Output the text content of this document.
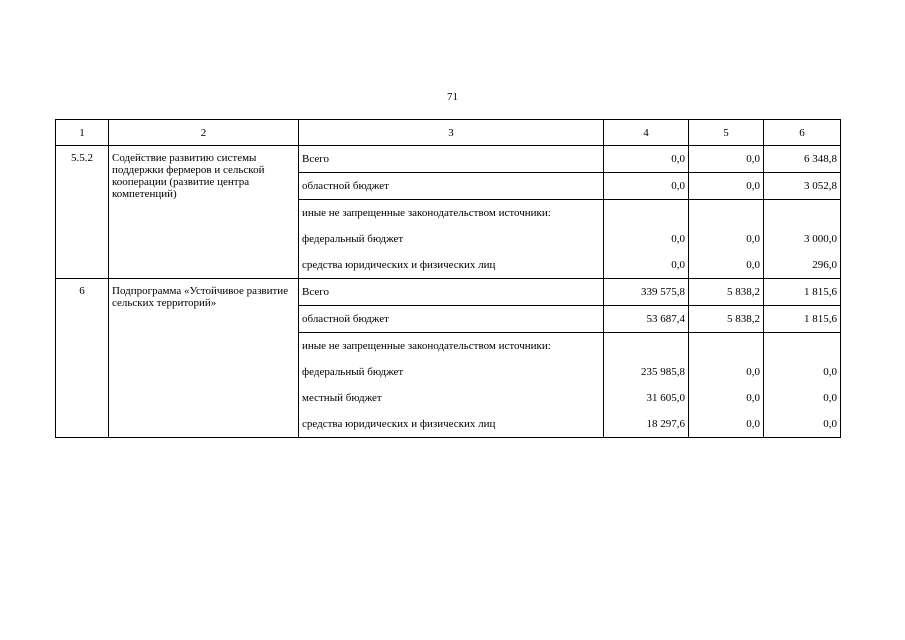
71
1	2	3	4	5	6
5.5.2	Содействие развитию системы поддержки фермеров и сельской кооперации (развитие центра компетенций)	Всего	0,0	0,0	6 348,8
		областной бюджет	0,0	0,0	3 052,8
		иные не запрещенные законодательством источники:			
		федеральный бюджет	0,0	0,0	3 000,0
		средства юридических и физических лиц	0,0	0,0	296,0
6	Подпрограмма «Устойчивое развитие сельских территорий»	Всего	339 575,8	5 838,2	1 815,6
		областной бюджет	53 687,4	5 838,2	1 815,6
		иные не запрещенные законодательством источники:			
		федеральный бюджет	235 985,8	0,0	0,0
		местный бюджет	31 605,0	0,0	0,0
		средства юридических и физических лиц	18 297,6	0,0	0,0
